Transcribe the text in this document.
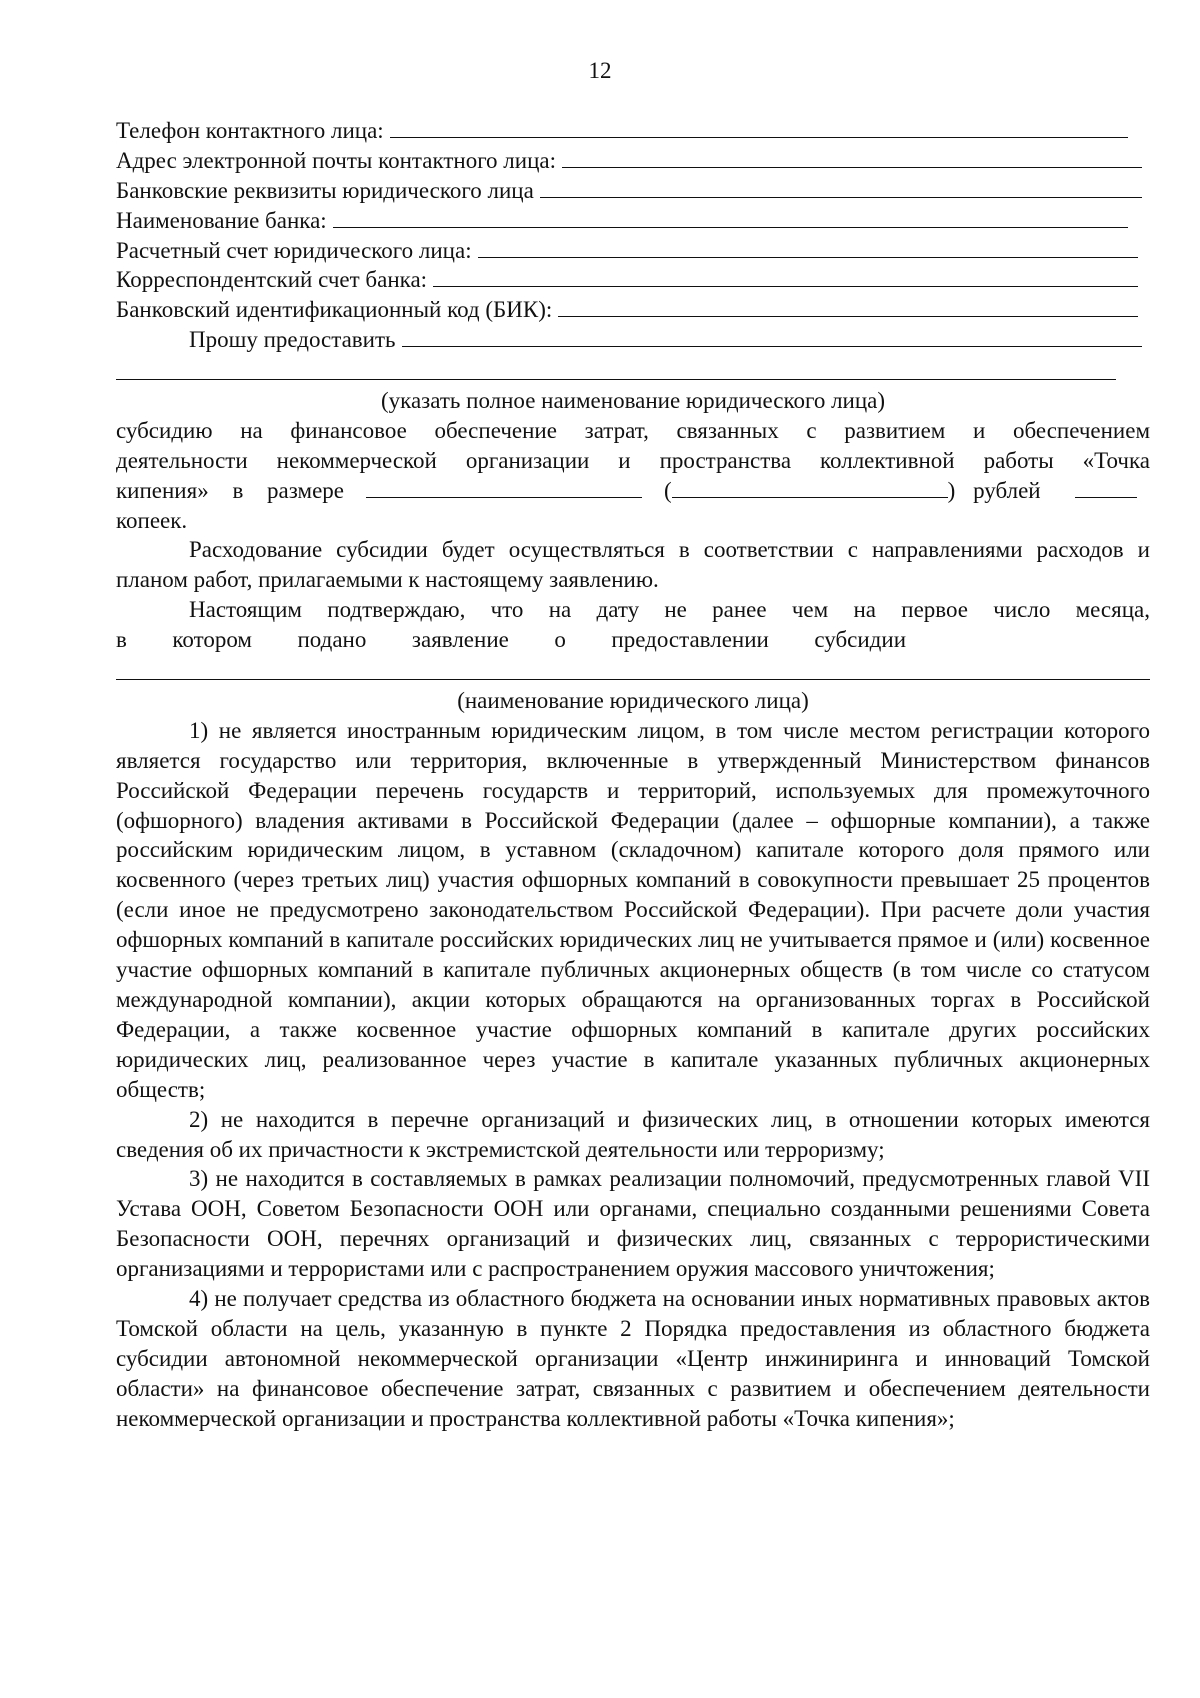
12
Телефон контактного лица:
Адрес электронной почты контактного лица:
Банковские реквизиты юридического лица
Наименование банка:
Расчетный счет юридического лица:
Корреспондентский счет банка:
Банковский идентификационный код (БИК):
Прошу предоставить
(указать полное наименование юридического лица)
субсидию на финансовое обеспечение затрат, связанных с развитием и обеспечением
деятельности некоммерческой организации и пространства коллективной работы «Точка
кипения» в размере	(	) рублей
копеек.

Расходование субсидии будет осуществляться в соответствии с направлениями расходов и планом работ, прилагаемыми к настоящему заявлению.

Настоящим подтверждаю, что на дату не ранее чем на первое число месяца,
в котором подано заявление о предоставлении субсидии
(наименование юридического лица)

1) не является иностранным юридическим лицом, в том числе местом регистрации которого является государство или территория, включенные в утвержденный Министерством финансов Российской Федерации перечень государств и территорий, используемых для промежуточного (офшорного) владения активами в Российской Федерации (далее – офшорные компании), а также российским юридическим лицом, в уставном (складочном) капитале которого доля прямого или косвенного (через третьих лиц) участия офшорных компаний в совокупности превышает 25 процентов (если иное не предусмотрено законодательством Российской Федерации). При расчете доли участия офшорных компаний в капитале российских юридических лиц не учитывается прямое и (или) косвенное участие офшорных компаний в капитале публичных акционерных обществ (в том числе со статусом международной компании), акции которых обращаются на организованных торгах в Российской Федерации, а также косвенное участие офшорных компаний в капитале других российских юридических лиц, реализованное через участие в капитале указанных публичных акционерных обществ;

2) не находится в перечне организаций и физических лиц, в отношении которых имеются сведения об их причастности к экстремистской деятельности или терроризму;

3) не находится в составляемых в рамках реализации полномочий, предусмотренных главой VII Устава ООН, Советом Безопасности ООН или органами, специально созданными решениями Совета Безопасности ООН, перечнях организаций и физических лиц, связанных с террористическими организациями и террористами или с распространением оружия массового уничтожения;

4) не получает средства из областного бюджета на основании иных нормативных правовых актов Томской области на цель, указанную в пункте 2 Порядка предоставления из областного бюджета субсидии автономной некоммерческой организации «Центр инжиниринга и инноваций Томской области» на финансовое обеспечение затрат, связанных с развитием и обеспечением деятельности некоммерческой организации и пространства коллективной работы «Точка кипения»;
